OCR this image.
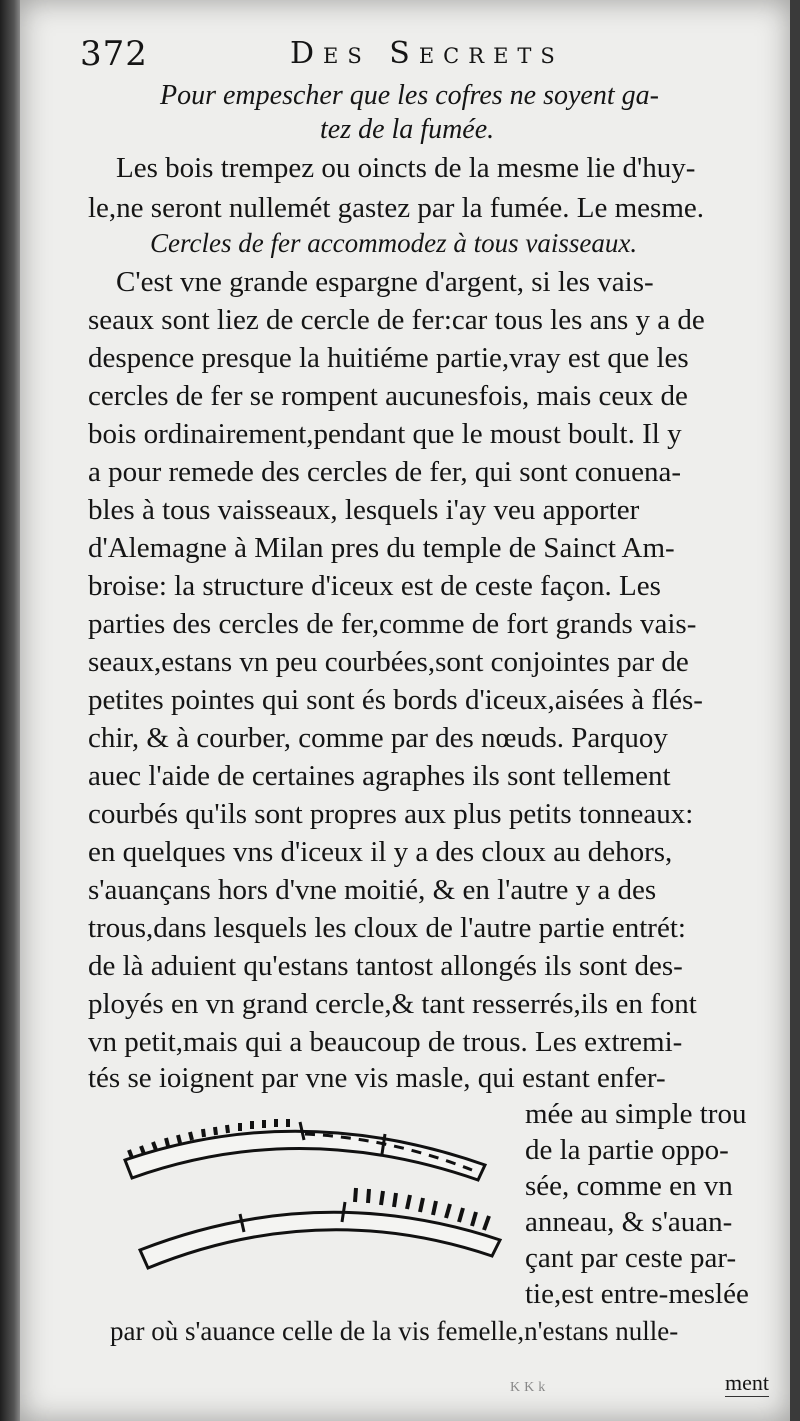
372	Des Secrets
Pour empescher que les cofres ne soyent ga-
tez de la fumée.
Les bois trempez ou oincts de la mesme lie d'huy-
le,ne seront nullemét gastez par la fumée. Le mesme.
Cercles de fer accommodez à tous vaisseaux.
C'est vne grande espargne d'argent, si les vais-
seaux sont liez de cercle de fer:car tous les ans y a de
despence presque la huitiéme partie,vray est que les
cercles de fer se rompent aucunesfois, mais ceux de
bois ordinairement,pendant que le moust boult. Il y
a pour remede des cercles de fer, qui sont conuena-
bles à tous vaisseaux, lesquels i'ay veu apporter
d'Alemagne à Milan pres du temple de Sainct Am-
broise: la structure d'iceux est de ceste façon. Les
parties des cercles de fer,comme de fort grands vais-
seaux,estans vn peu courbées,sont conjointes par de
petites pointes qui sont és bords d'iceux,aisées à flés-
chir, & à courber, comme par des nœuds. Parquoy
auec l'aide de certaines agraphes ils sont tellement
courbés qu'ils sont propres aux plus petits tonneaux:
en quelques vns d'iceux il y a des cloux au dehors,
s'auançans hors d'vne moitié, & en l'autre y a des
trous,dans lesquels les cloux de l'autre partie entrét:
de là aduient qu'estans tantost allongés ils sont des-
ployés en vn grand cercle,& tant resserrés,ils en font
vn petit,mais qui a beaucoup de trous. Les extremi-
tés se ioignent par vne vis masle, qui estant enfer-
mée au simple trou
de la partie oppo-
sée, comme en vn
anneau, & s'auan-
çant par ceste par-
tie,est entre-meslée
par où s'auance celle de la vis femelle,n'estans nulle-
KKk	ment
